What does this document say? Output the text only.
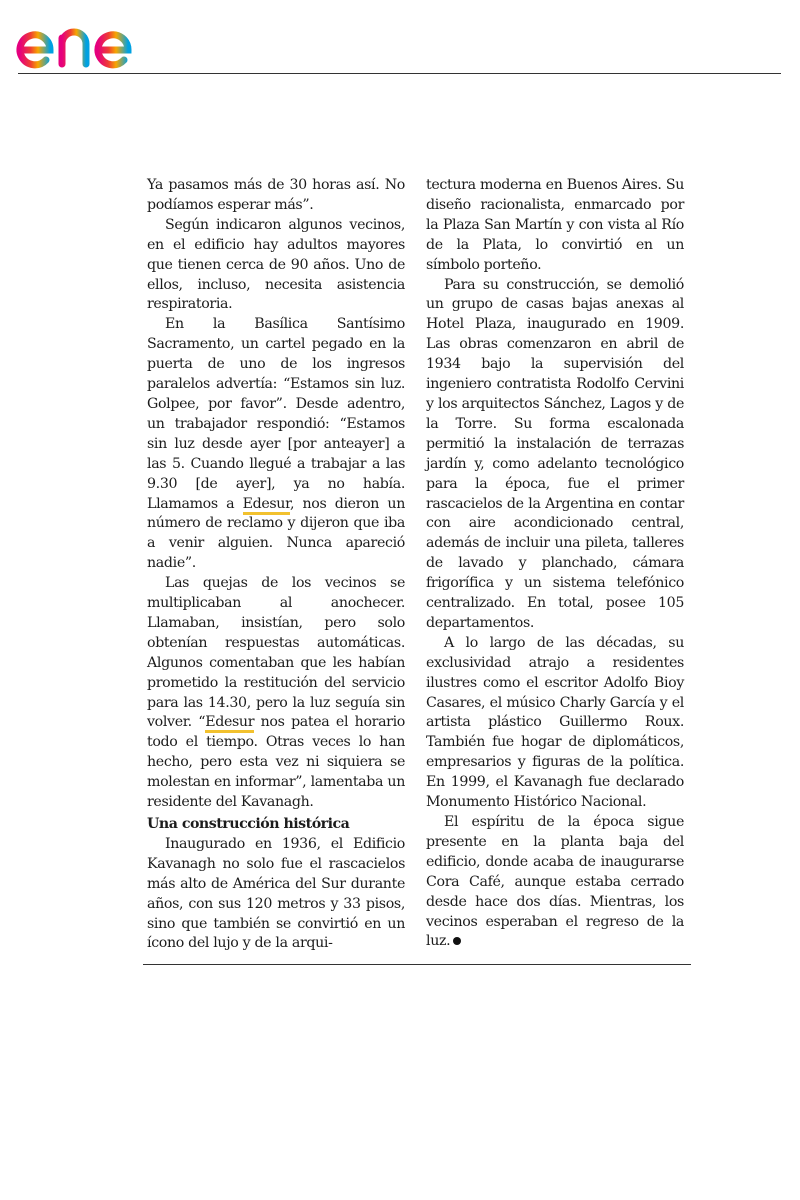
Ya pasamos más de 30 horas así. No podíamos esperar más”.

Según indicaron algunos vecinos, en el edificio hay adultos mayores que tienen cerca de 90 años. Uno de ellos, incluso, necesita asistencia respiratoria.

En la Basílica Santísimo Sacramento, un cartel pegado en la puerta de uno de los ingresos paralelos advertía: “Estamos sin luz. Golpee, por favor”. Desde adentro, un trabajador respondió: “Estamos sin luz desde ayer [por anteayer] a las 5. Cuando llegué a trabajar a las 9.30 [de ayer], ya no había. Llamamos a Edesur, nos dieron un número de reclamo y dijeron que iba a venir alguien. Nunca apareció nadie”.

Las quejas de los vecinos se multiplicaban al anochecer. Llamaban, insistían, pero solo obtenían respuestas automáticas. Algunos comentaban que les habían prometido la restitución del servicio para las 14.30, pero la luz seguía sin volver. “Edesur nos patea el horario todo el tiempo. Otras veces lo han hecho, pero esta vez ni siquiera se molestan en informar”, lamentaba un residente del Kavanagh.

Una construcción histórica

Inaugurado en 1936, el Edificio Kavanagh no solo fue el rascacielos más alto de América del Sur durante años, con sus 120 metros y 33 pisos, sino que también se convirtió en un ícono del lujo y de la arqui-

tectura moderna en Buenos Aires. Su diseño racionalista, enmarcado por la Plaza San Martín y con vista al Río de la Plata, lo convirtió en un símbolo porteño.

Para su construcción, se demolió un grupo de casas bajas anexas al Hotel Plaza, inaugurado en 1909. Las obras comenzaron en abril de 1934 bajo la supervisión del ingeniero contratista Rodolfo Cervini y los arquitectos Sánchez, Lagos y de la Torre. Su forma escalonada permitió la instalación de terrazas jardín y, como adelanto tecnológico para la época, fue el primer rascacielos de la Argentina en contar con aire acondicionado central, además de incluir una pileta, talleres de lavado y planchado, cámara frigorífica y un sistema telefónico centralizado. En total, posee 105 departamentos.

A lo largo de las décadas, su exclusividad atrajo a residentes ilustres como el escritor Adolfo Bioy Casares, el músico Charly García y el artista plástico Guillermo Roux. También fue hogar de diplomáticos, empresarios y figuras de la política. En 1999, el Kavanagh fue declarado Monumento Histórico Nacional.

El espíritu de la época sigue presente en la planta baja del edificio, donde acaba de inaugurarse Cora Café, aunque estaba cerrado desde hace dos días. Mientras, los vecinos esperaban el regreso de la luz.
